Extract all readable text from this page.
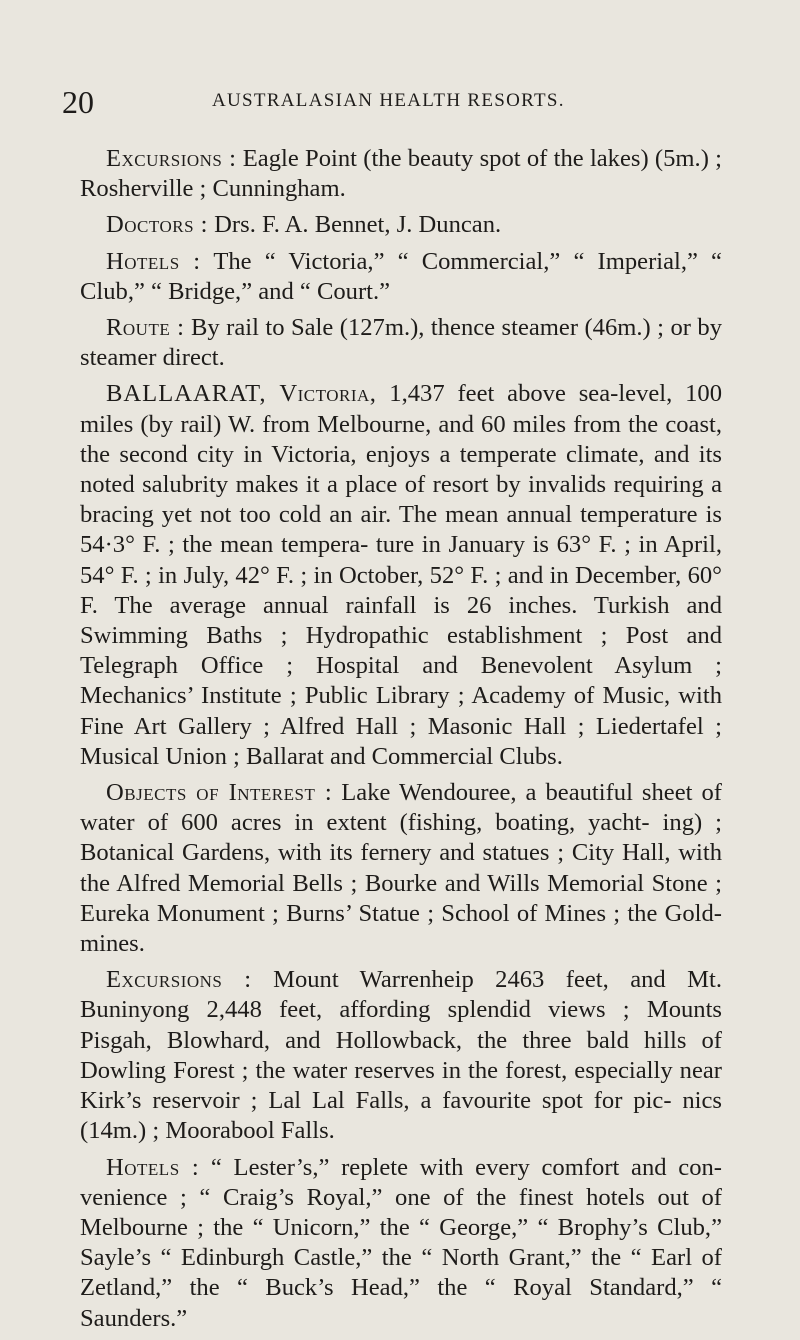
20	AUSTRALASIAN HEALTH RESORTS.

Excursions : Eagle Point (the beauty spot of the lakes) (5m.) ; Rosherville ; Cunningham.

Doctors : Drs. F. A. Bennet, J. Duncan.

Hotels : The “ Victoria,” “ Commercial,” “ Imperial,” “ Club,” “ Bridge,” and “ Court.”

Route : By rail to Sale (127m.), thence steamer (46m.) ; or by steamer direct.

BALLAARAT, Victoria, 1,437 feet above sea-level, 100 miles (by rail) W. from Melbourne, and 60 miles from the coast, the second city in Victoria, enjoys a temperate climate, and its noted salubrity makes it a place of resort by invalids requiring a bracing yet not too cold an air. The mean annual temperature is 54·3° F. ; the mean tempera- ture in January is 63° F. ; in April, 54° F. ; in July, 42° F. ; in October, 52° F. ; and in December, 60° F. The average annual rainfall is 26 inches. Turkish and Swimming Baths ; Hydropathic establishment ; Post and Telegraph Office ; Hospital and Benevolent Asylum ; Mechanics’ Institute ; Public Library ; Academy of Music, with Fine Art Gallery ; Alfred Hall ; Masonic Hall ; Liedertafel ; Musical Union ; Ballarat and Commercial Clubs.

Objects of Interest : Lake Wendouree, a beautiful sheet of water of 600 acres in extent (fishing, boating, yacht- ing) ; Botanical Gardens, with its fernery and statues ; City Hall, with the Alfred Memorial Bells ; Bourke and Wills Memorial Stone ; Eureka Monument ; Burns’ Statue ; School of Mines ; the Gold-mines.

Excursions : Mount Warrenheip 2463 feet, and Mt. Buninyong 2,448 feet, affording splendid views ; Mounts Pisgah, Blowhard, and Hollowback, the three bald hills of Dowling Forest ; the water reserves in the forest, especially near Kirk’s reservoir ; Lal Lal Falls, a favourite spot for pic- nics (14m.) ; Moorabool Falls.

Hotels : “ Lester’s,” replete with every comfort and con- venience ; “ Craig’s Royal,” one of the finest hotels out of Melbourne ; the “ Unicorn,” the “ George,” “ Brophy’s Club,” Sayle’s “ Edinburgh Castle,” the “ North Grant,” the “ Earl of Zetland,” the “ Buck’s Head,” the “ Royal Standard,” “ Saunders.”
